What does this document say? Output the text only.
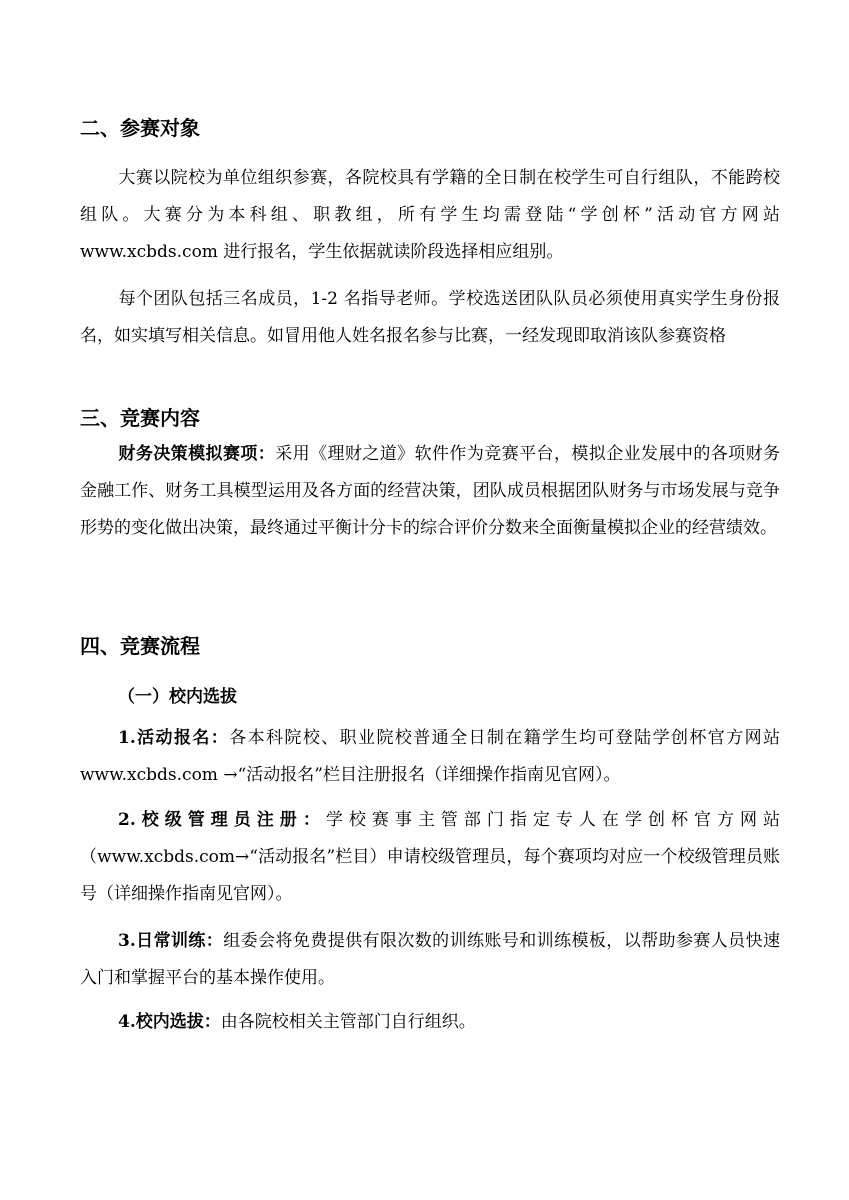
二、参赛对象
大赛以院校为单位组织参赛，各院校具有学籍的全日制在校学生可自行组队，不能跨校组队。大赛分为本科组、职教组，所有学生均需登陆“学创杯”活动官方网站 www.xcbds.com 进行报名，学生依据就读阶段选择相应组别。
每个团队包括三名成员，1-2 名指导老师。学校选送团队队员必须使用真实学生身份报名，如实填写相关信息。如冒用他人姓名报名参与比赛，一经发现即取消该队参赛资格
三、竞赛内容
财务决策模拟赛项：采用《理财之道》软件作为竞赛平台，模拟企业发展中的各项财务金融工作、财务工具模型运用及各方面的经营决策，团队成员根据团队财务与市场发展与竞争形势的变化做出决策，最终通过平衡计分卡的综合评价分数来全面衡量模拟企业的经营绩效。
四、竞赛流程
（一）校内选拔
1.活动报名：各本科院校、职业院校普通全日制在籍学生均可登陆学创杯官方网站 www.xcbds.com →“活动报名”栏目注册报名（详细操作指南见官网）。
2.校级管理员注册：学校赛事主管部门指定专人在学创杯官方网站（www.xcbds.com→“活动报名”栏目）申请校级管理员，每个赛项均对应一个校级管理员账号（详细操作指南见官网）。
3.日常训练：组委会将免费提供有限次数的训练账号和训练模板，以帮助参赛人员快速入门和掌握平台的基本操作使用。
4.校内选拔：由各院校相关主管部门自行组织。
